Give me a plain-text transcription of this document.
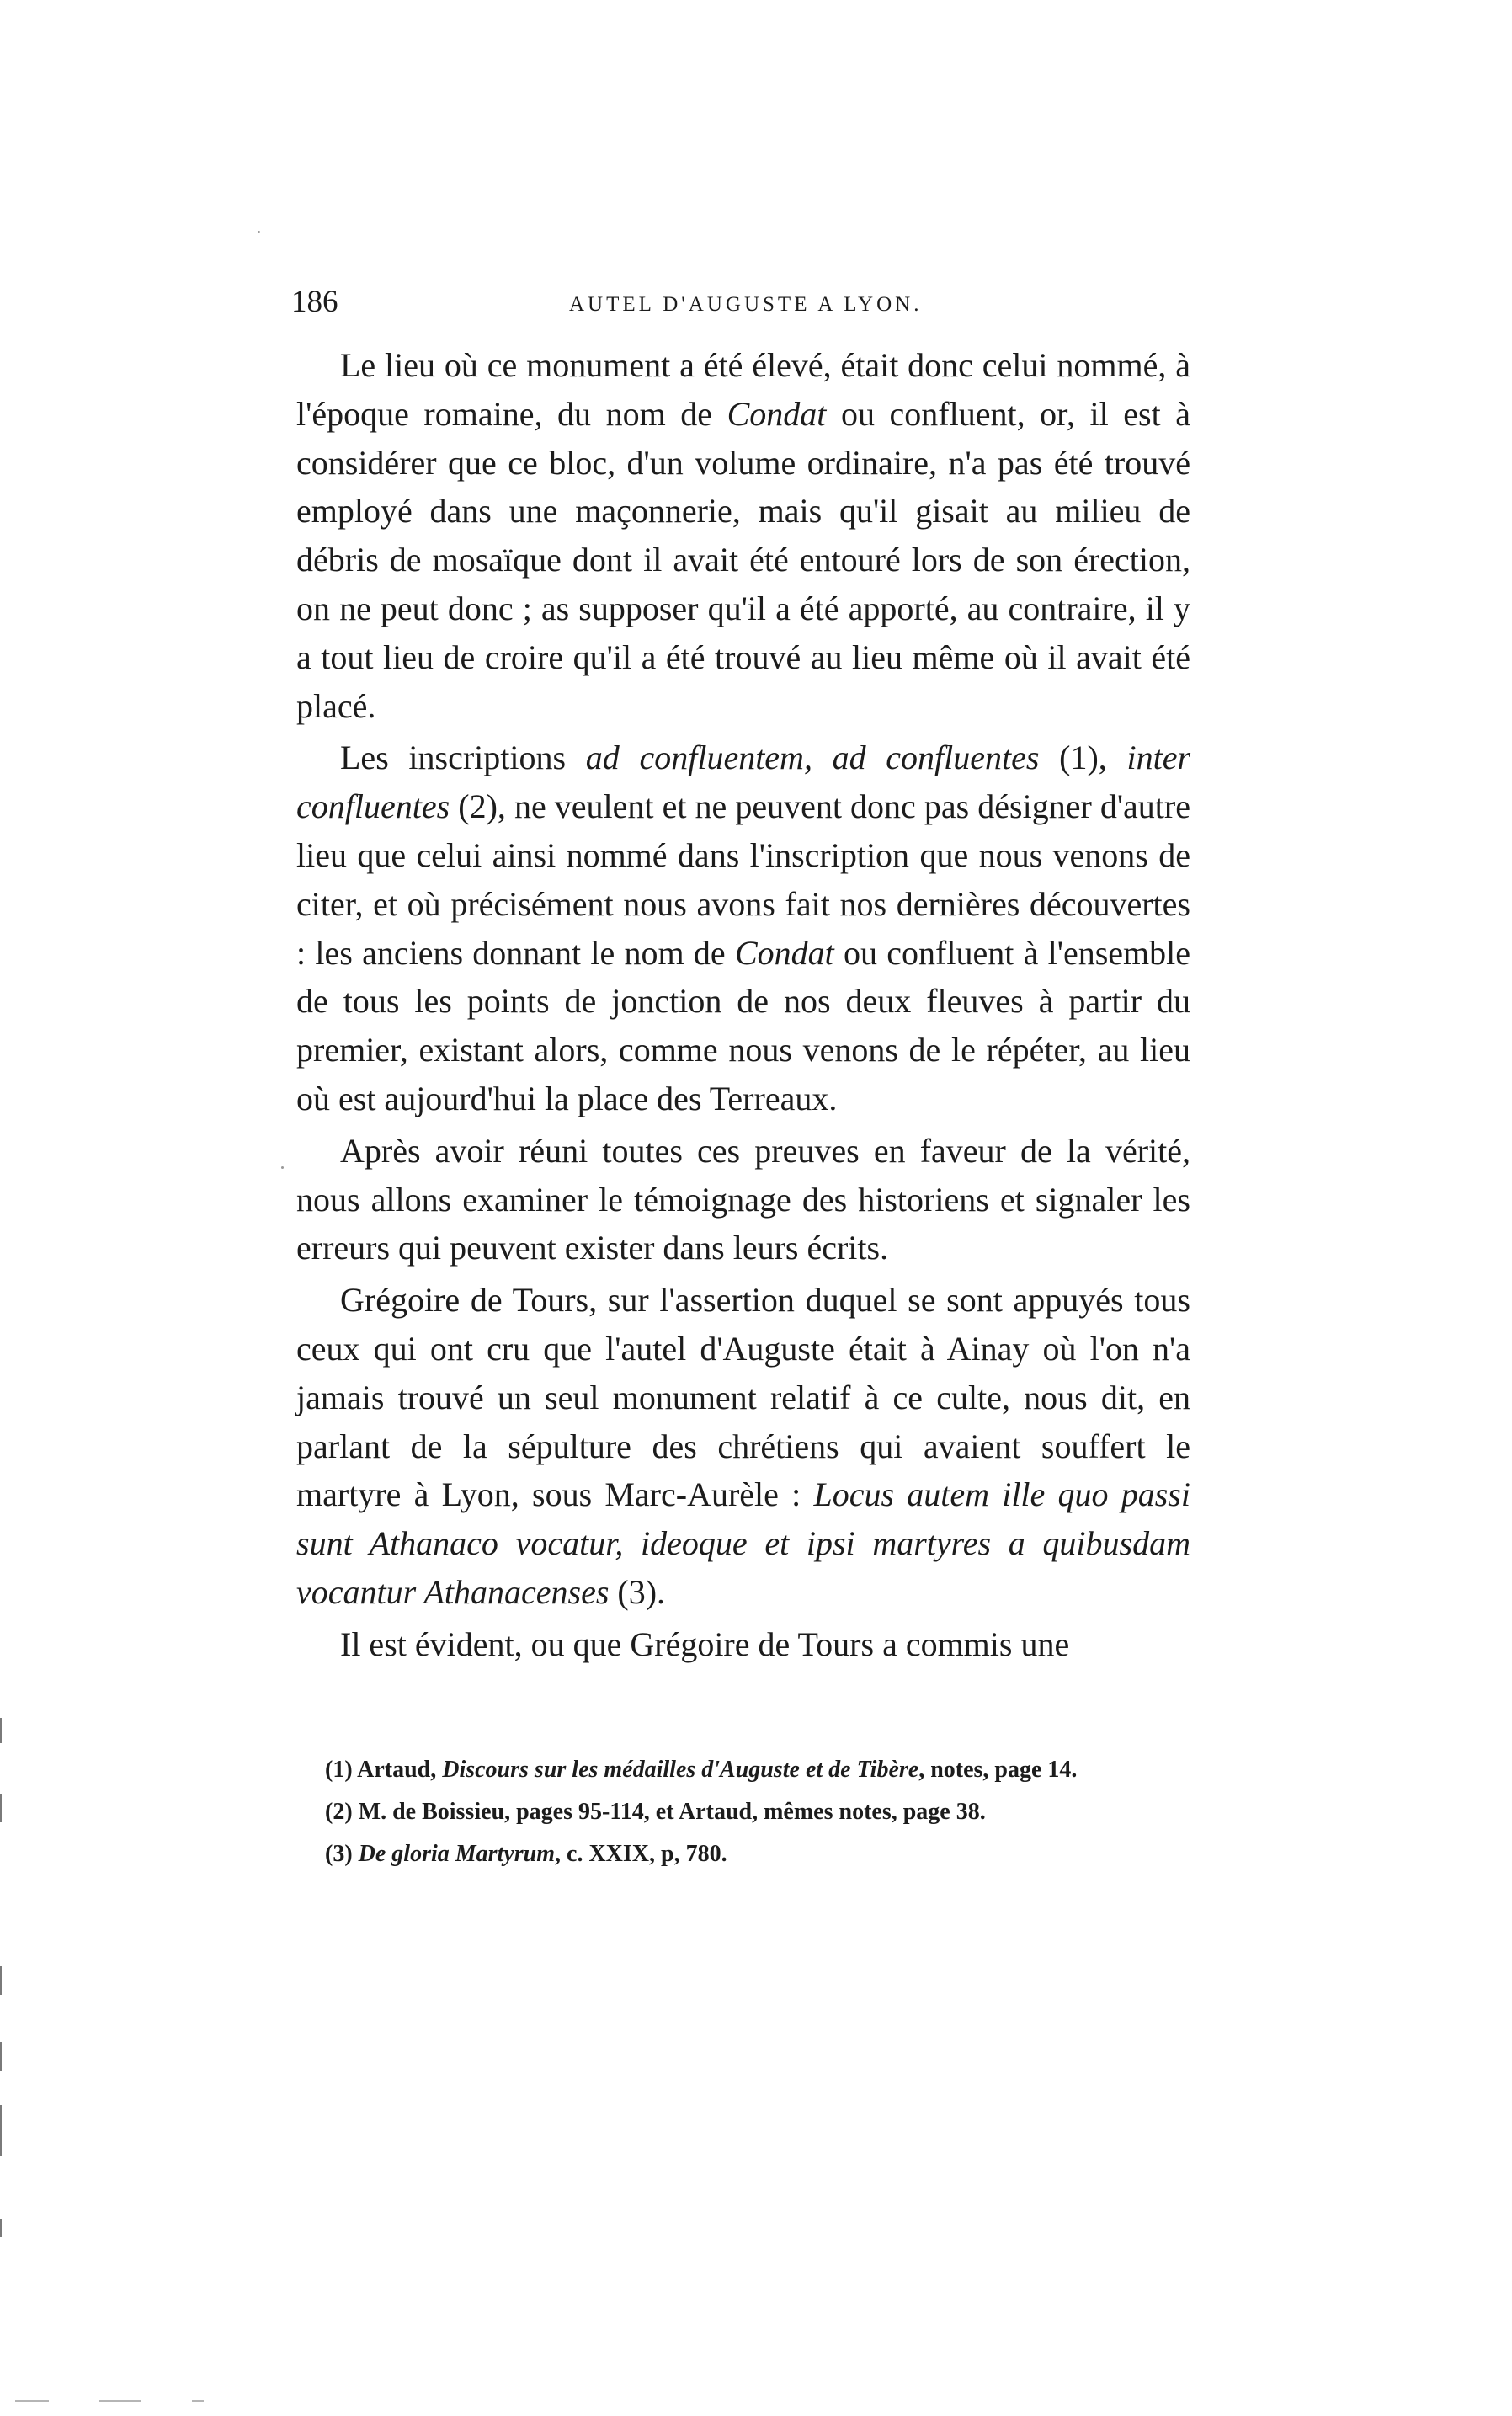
186	AUTEL D'AUGUSTE A LYON.

Le lieu où ce monument a été élevé, était donc celui nommé, à l'époque romaine, du nom de Condat ou confluent, or, il est à considérer que ce bloc, d'un volume ordinaire, n'a pas été trouvé employé dans une maçonnerie, mais qu'il gisait au milieu de débris de mosaïque dont il avait été entouré lors de son érection, on ne peut donc ; as supposer qu'il a été apporté, au contraire, il y a tout lieu de croire qu'il a été trouvé au lieu même où il avait été placé.

Les inscriptions ad confluentem, ad confluentes (1), inter confluentes (2), ne veulent et ne peuvent donc pas désigner d'autre lieu que celui ainsi nommé dans l'inscription que nous venons de citer, et où précisément nous avons fait nos dernières découvertes : les anciens donnant le nom de Condat ou confluent à l'ensemble de tous les points de jonction de nos deux fleuves à partir du premier, existant alors, comme nous venons de le répéter, au lieu où est aujourd'hui la place des Terreaux.

Après avoir réuni toutes ces preuves en faveur de la vérité, nous allons examiner le témoignage des historiens et signaler les erreurs qui peuvent exister dans leurs écrits.

Grégoire de Tours, sur l'assertion duquel se sont appuyés tous ceux qui ont cru que l'autel d'Auguste était à Ainay où l'on n'a jamais trouvé un seul monument relatif à ce culte, nous dit, en parlant de la sépulture des chrétiens qui avaient souffert le martyre à Lyon, sous Marc-Aurèle : Locus autem ille quo passi sunt Athanaco vocatur, ideoque et ipsi martyres a quibusdam vocantur Athanacenses (3).

Il est évident, ou que Grégoire de Tours a commis une

(1) Artaud, Discours sur les médailles d'Auguste et de Tibère, notes, page 14.

(2) M. de Boissieu, pages 95-114, et Artaud, mêmes notes, page 38.

(3) De gloria Martyrum, c. XXIX, p, 780.
